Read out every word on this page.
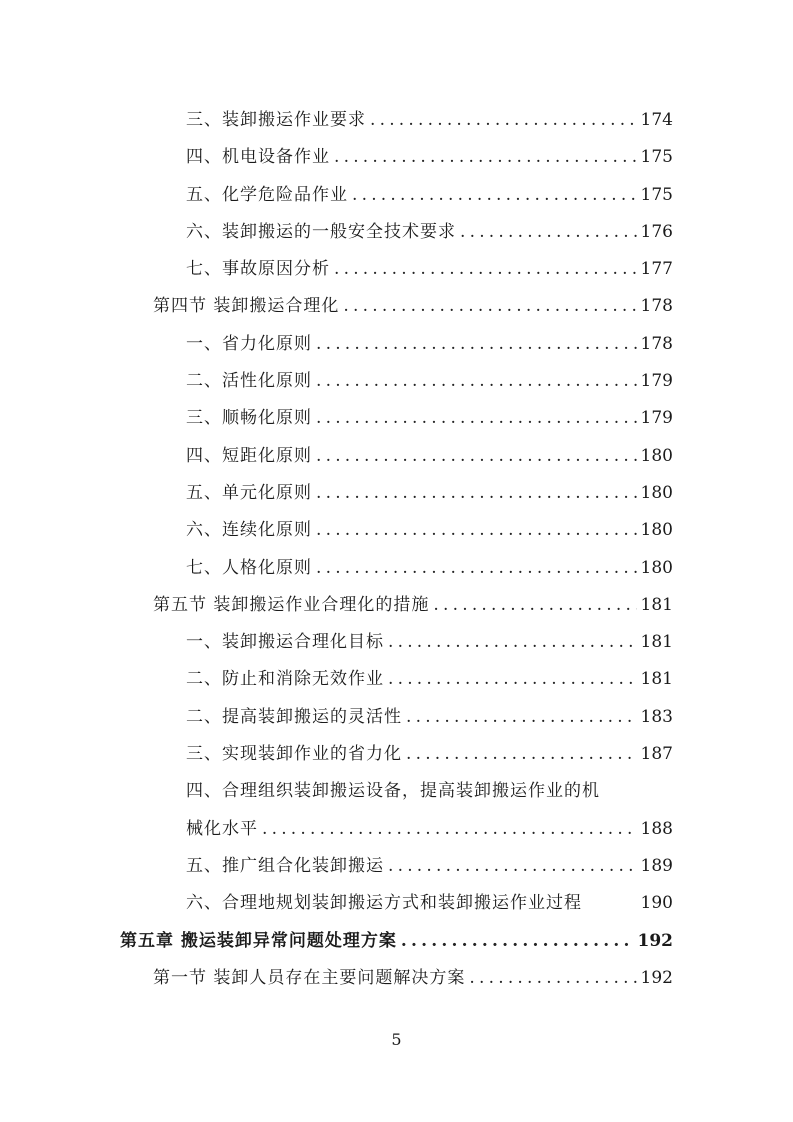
三、装卸搬运作业要求 .....	174
四、机电设备作业 .....	175
五、化学危险品作业 .....	175
六、装卸搬运的一般安全技术要求 .....	176
七、事故原因分析 .....	177
第四节 装卸搬运合理化 .....	178
一、省力化原则 .....	178
二、活性化原则 .....	179
三、顺畅化原则 .....	179
四、短距化原则 .....	180
五、单元化原则 .....	180
六、连续化原则 .....	180
七、人格化原则 .....	180
第五节 装卸搬运作业合理化的措施 .....	181
一、装卸搬运合理化目标 .....	181
二、防止和消除无效作业 .....	181
二、提高装卸搬运的灵活性 .....	183
三、实现装卸作业的省力化 .....	187
四、合理组织装卸搬运设备，提高装卸搬运作业的机
械化水平 .....	188
五、推广组合化装卸搬运 .....	189
六、合理地规划装卸搬运方式和装卸搬运作业过程	190
第五章 搬运装卸异常问题处理方案 .....	192
第一节 装卸人员存在主要问题解决方案 .....	192
5
